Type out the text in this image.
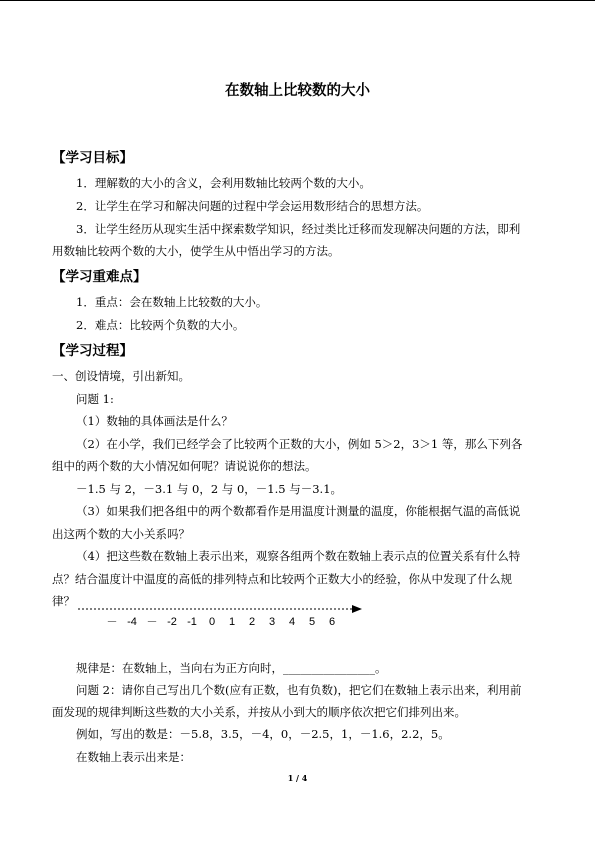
在数轴上比较数的大小
【学习目标】
1．理解数的大小的含义，会利用数轴比较两个数的大小。
2．让学生在学习和解决问题的过程中学会运用数形结合的思想方法。
3．让学生经历从现实生活中探索数学知识，经过类比迁移而发现解决问题的方法，即利
用数轴比较两个数的大小，使学生从中悟出学习的方法。
【学习重难点】
1．重点：会在数轴上比较数的大小。
2．难点：比较两个负数的大小。
【学习过程】
一、创设情境，引出新知。
问题 1:
（1）数轴的具体画法是什么？
（2）在小学，我们已经学会了比较两个正数的大小，例如 5＞2，3＞1 等，那么下列各
组中的两个数的大小情况如何呢？请说说你的想法。
－1.5 与 2，－3.1 与 0，2 与 0，－1.5 与－3.1。
（3）如果我们把各组中的两个数都看作是用温度计测量的温度，你能根据气温的高低说
出这两个数的大小关系吗？
（4）把这些数在数轴上表示出来，观察各组两个数在数轴上表示点的位置关系有什么特
点？结合温度计中温度的高低的排列特点和比较两个正数大小的经验，你从中发现了什么规
律？
－ -4 － -2 -1 0 1 2 3 4 5 6
规律是：在数轴上，当向右为正方向时，________________。
问题 2：请你自己写出几个数(应有正数，也有负数)，把它们在数轴上表示出来，利用前
面发现的规律判断这些数的大小关系，并按从小到大的顺序依次把它们排列出来。
例如，写出的数是：－5.8，3.5，－4，0，－2.5，1，－1.6，2.2，5。
在数轴上表示出来是：
1 / 4
